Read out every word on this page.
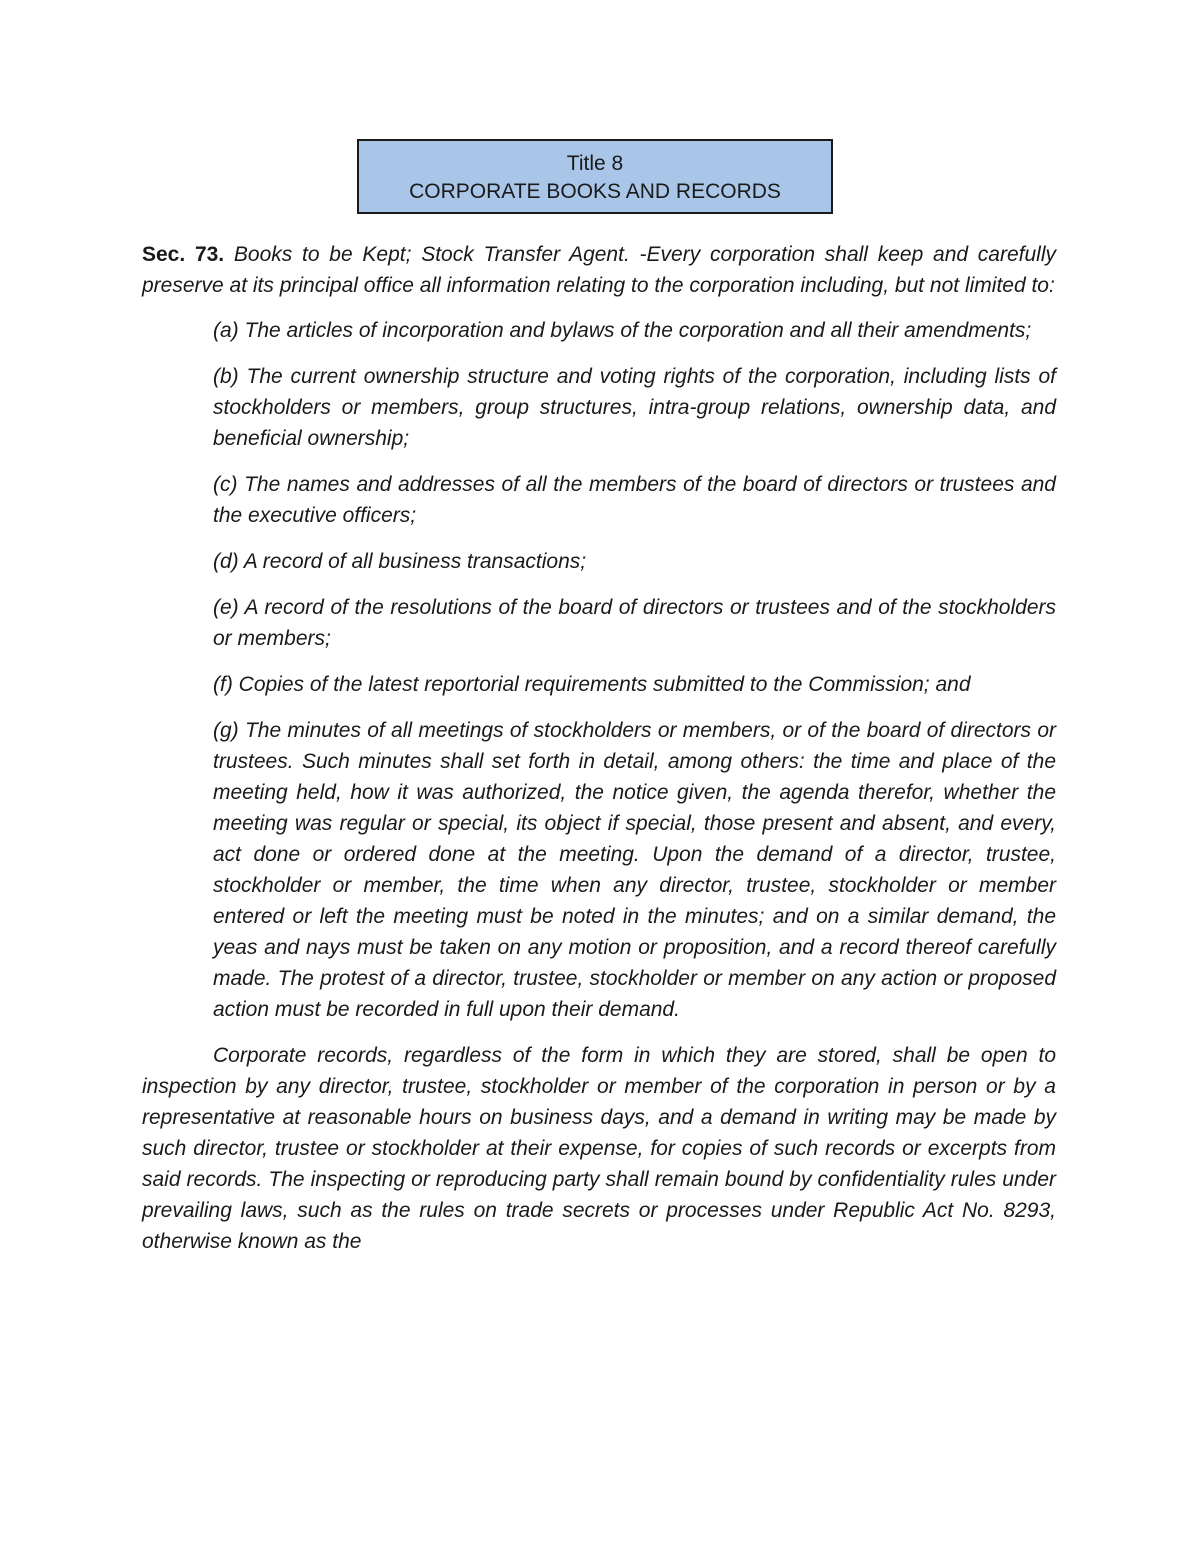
Title 8
CORPORATE BOOKS AND RECORDS

Sec. 73. Books to be Kept; Stock Transfer Agent. -Every corporation shall keep and carefully preserve at its principal office all information relating to the corporation including, but not limited to:

(a) The articles of incorporation and bylaws of the corporation and all their amendments;

(b) The current ownership structure and voting rights of the corporation, including lists of stockholders or members, group structures, intra-group relations, ownership data, and beneficial ownership;

(c) The names and addresses of all the members of the board of directors or trustees and the executive officers;

(d) A record of all business transactions;

(e) A record of the resolutions of the board of directors or trustees and of the stockholders or members;

(f) Copies of the latest reportorial requirements submitted to the Commission; and

(g) The minutes of all meetings of stockholders or members, or of the board of directors or trustees. Such minutes shall set forth in detail, among others: the time and place of the meeting held, how it was authorized, the notice given, the agenda therefor, whether the meeting was regular or special, its object if special, those present and absent, and every, act done or ordered done at the meeting. Upon the demand of a director, trustee, stockholder or member, the time when any director, trustee, stockholder or member entered or left the meeting must be noted in the minutes; and on a similar demand, the yeas and nays must be taken on any motion or proposition, and a record thereof carefully made. The protest of a director, trustee, stockholder or member on any action or proposed action must be recorded in full upon their demand.

Corporate records, regardless of the form in which they are stored, shall be open to inspection by any director, trustee, stockholder or member of the corporation in person or by a representative at reasonable hours on business days, and a demand in writing may be made by such director, trustee or stockholder at their expense, for copies of such records or excerpts from said records. The inspecting or reproducing party shall remain bound by confidentiality rules under prevailing laws, such as the rules on trade secrets or processes under Republic Act No. 8293, otherwise known as the
